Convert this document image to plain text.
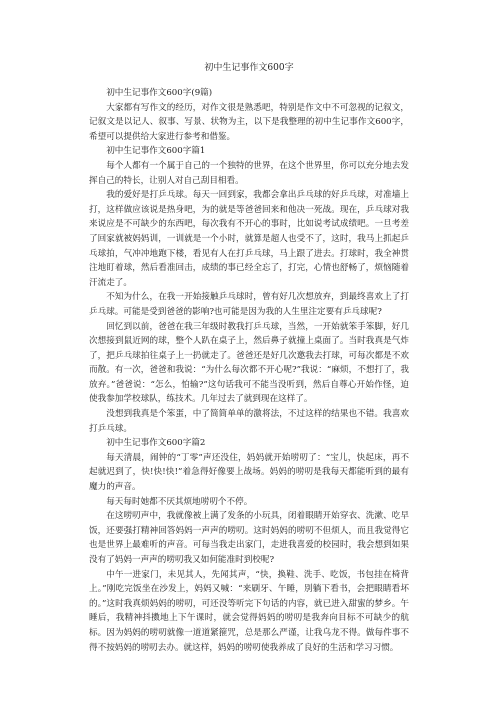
初中生记事作文600字

初中生记事作文600字(9篇)

大家都有写作文的经历，对作文很是熟悉吧，特别是作文中不可忽视的记叙文，记叙文是以记人、叙事、写景、状物为主，以下是我整理的初中生记事作文600字，希望可以提供给大家进行参考和借鉴。

初中生记事作文600字篇1

每个人都有一个属于自己的一个独特的世界，在这个世界里，你可以充分地去发挥自己的特长，让别人对自己刮目相看。

我的爱好是打乒乓球。每天一回到家，我都会拿出乒乓球的好乒乓球，对准墙上打，这样做应该说是热身吧，为的就是等爸爸回来和他决一死战。现在，乒乓球对我来说应是不可缺少的东西吧，每次我有不开心的事时，比如说考试成绩吧。一旦考差了回家就被妈妈训，一训就是一个小时，就算是超人也受不了，这时，我马上抓起乒乓球拍，气冲冲地跑下楼，看见有人在打乒乓球，马上跟了进去。打球时，我全神贯注地盯着球，然后看准回击，成绩的事已经全忘了，打完，心情也舒畅了，烦恼随着汗流走了。

不知为什么，在我一开始接触乒乓球时，曾有好几次想放弃，到最终喜欢上了打乒乓球。可能是受到爸爸的影响?也可能是因为我的人生里注定要有乒乓球呢?

回忆到以前，爸爸在我三年级时教我打乒乓球，当然，一开始就笨手笨脚，好几次想接到鼠近网的球，整个人趴在桌子上，然后鼻子就撞上桌面了。当时我真是气炸了，把乒乓球拍往桌子上一扔就走了。爸爸还是好几次邀我去打球，可每次都是不欢而散。有一次，爸爸和我说：“为什么每次都不开心呢?”我说：“麻烦，不想打了，我放弃。”爸爸说：“怎么，怕输?”这句话我可不能当没听到，然后自尊心开始作怪，迫使我参加学校球队，练技术。几年过去了就到现在这样了。

没想到我真是个笨蛋，中了简简单单的激将法，不过这样的结果也不错。我喜欢打乒乓球。

初中生记事作文600字篇2

每天清晨，闹钟的“丁零”声还没住，妈妈就开始唠叨了：“宝儿，快起床，再不起就迟到了，快!快!快!”着急得好像要上战场。妈妈的唠叨是我每天都能听到的最有魔力的声音。

每天每时她都不厌其烦地唠叨个不停。

在这唠叨声中，我就像被上满了发条的小玩具，闭着眼睛开始穿衣、洗漱、吃早饭，还要强打精神回答妈妈一声声的唠叨。这时妈妈的唠叨不但烦人，而且我觉得它也是世界上最难听的声音。可每当我走出家门，走进我喜爱的校园时，我会想到如果没有了妈妈一声声的唠叨我又如何能准时到校呢?

中午一进家门，未见其人，先闻其声，“快，换鞋、洗手、吃饭，书包挂在椅背上。”刚吃完饭坐在沙发上，妈妈又喊：“来刷牙、午睡，別躺下看书，会把眼睛看坏的。”这时我真烦妈妈的唠叨，可还没等听完下句话的内容，就已进入甜蜜的梦乡。午睡后，我精神抖擞地上下午课时，就会觉得妈妈的唠叨是我奔向目标不可缺少的航标。因为妈妈的唠叨就像一道道紧箍咒，总是那么严谨，让我乌龙不得。做每件事不得不按妈妈的唠叨去办。就这样，妈妈的唠叨使我养成了良好的生活和学习习惯。
